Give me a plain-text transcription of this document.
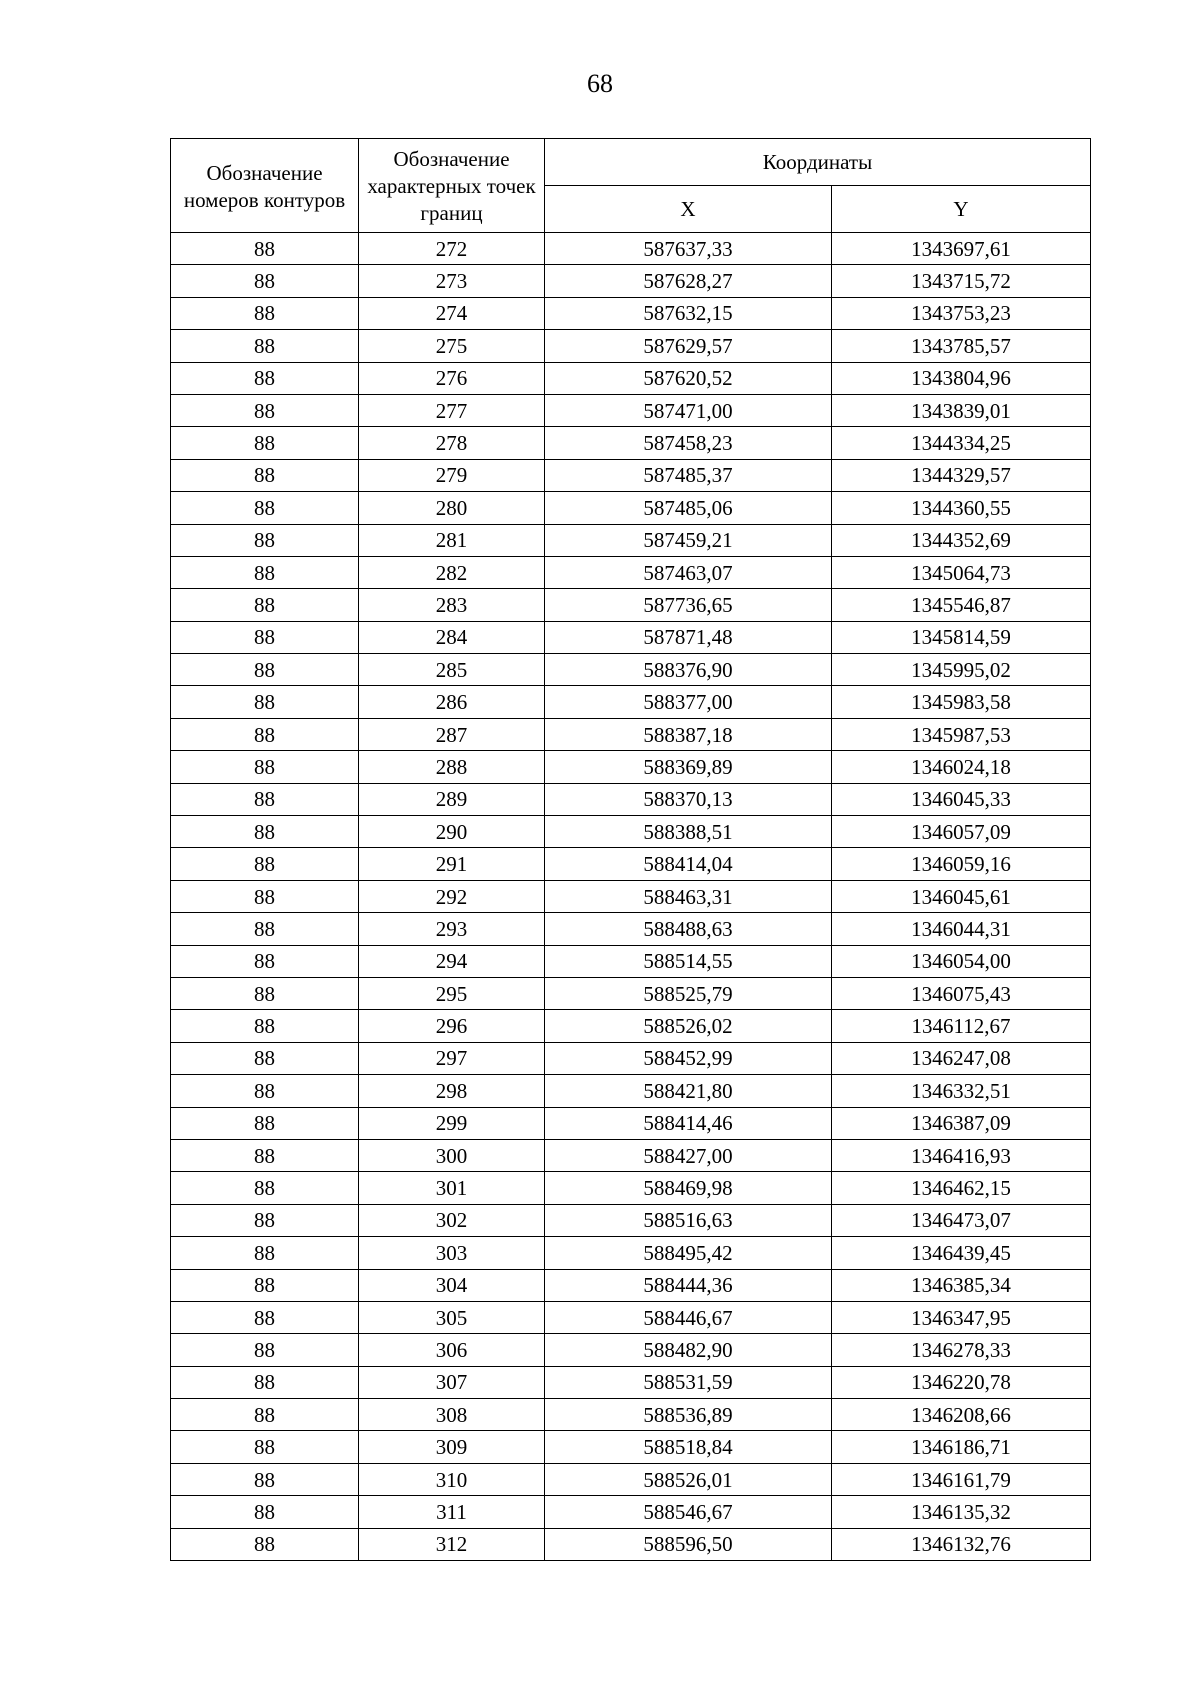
68
Обозначение номеров контуров	Обозначение характерных точек границ	Координаты	
		X	Y
88	272	587637,33	1343697,61
88	273	587628,27	1343715,72
88	274	587632,15	1343753,23
88	275	587629,57	1343785,57
88	276	587620,52	1343804,96
88	277	587471,00	1343839,01
88	278	587458,23	1344334,25
88	279	587485,37	1344329,57
88	280	587485,06	1344360,55
88	281	587459,21	1344352,69
88	282	587463,07	1345064,73
88	283	587736,65	1345546,87
88	284	587871,48	1345814,59
88	285	588376,90	1345995,02
88	286	588377,00	1345983,58
88	287	588387,18	1345987,53
88	288	588369,89	1346024,18
88	289	588370,13	1346045,33
88	290	588388,51	1346057,09
88	291	588414,04	1346059,16
88	292	588463,31	1346045,61
88	293	588488,63	1346044,31
88	294	588514,55	1346054,00
88	295	588525,79	1346075,43
88	296	588526,02	1346112,67
88	297	588452,99	1346247,08
88	298	588421,80	1346332,51
88	299	588414,46	1346387,09
88	300	588427,00	1346416,93
88	301	588469,98	1346462,15
88	302	588516,63	1346473,07
88	303	588495,42	1346439,45
88	304	588444,36	1346385,34
88	305	588446,67	1346347,95
88	306	588482,90	1346278,33
88	307	588531,59	1346220,78
88	308	588536,89	1346208,66
88	309	588518,84	1346186,71
88	310	588526,01	1346161,79
88	311	588546,67	1346135,32
88	312	588596,50	1346132,76
